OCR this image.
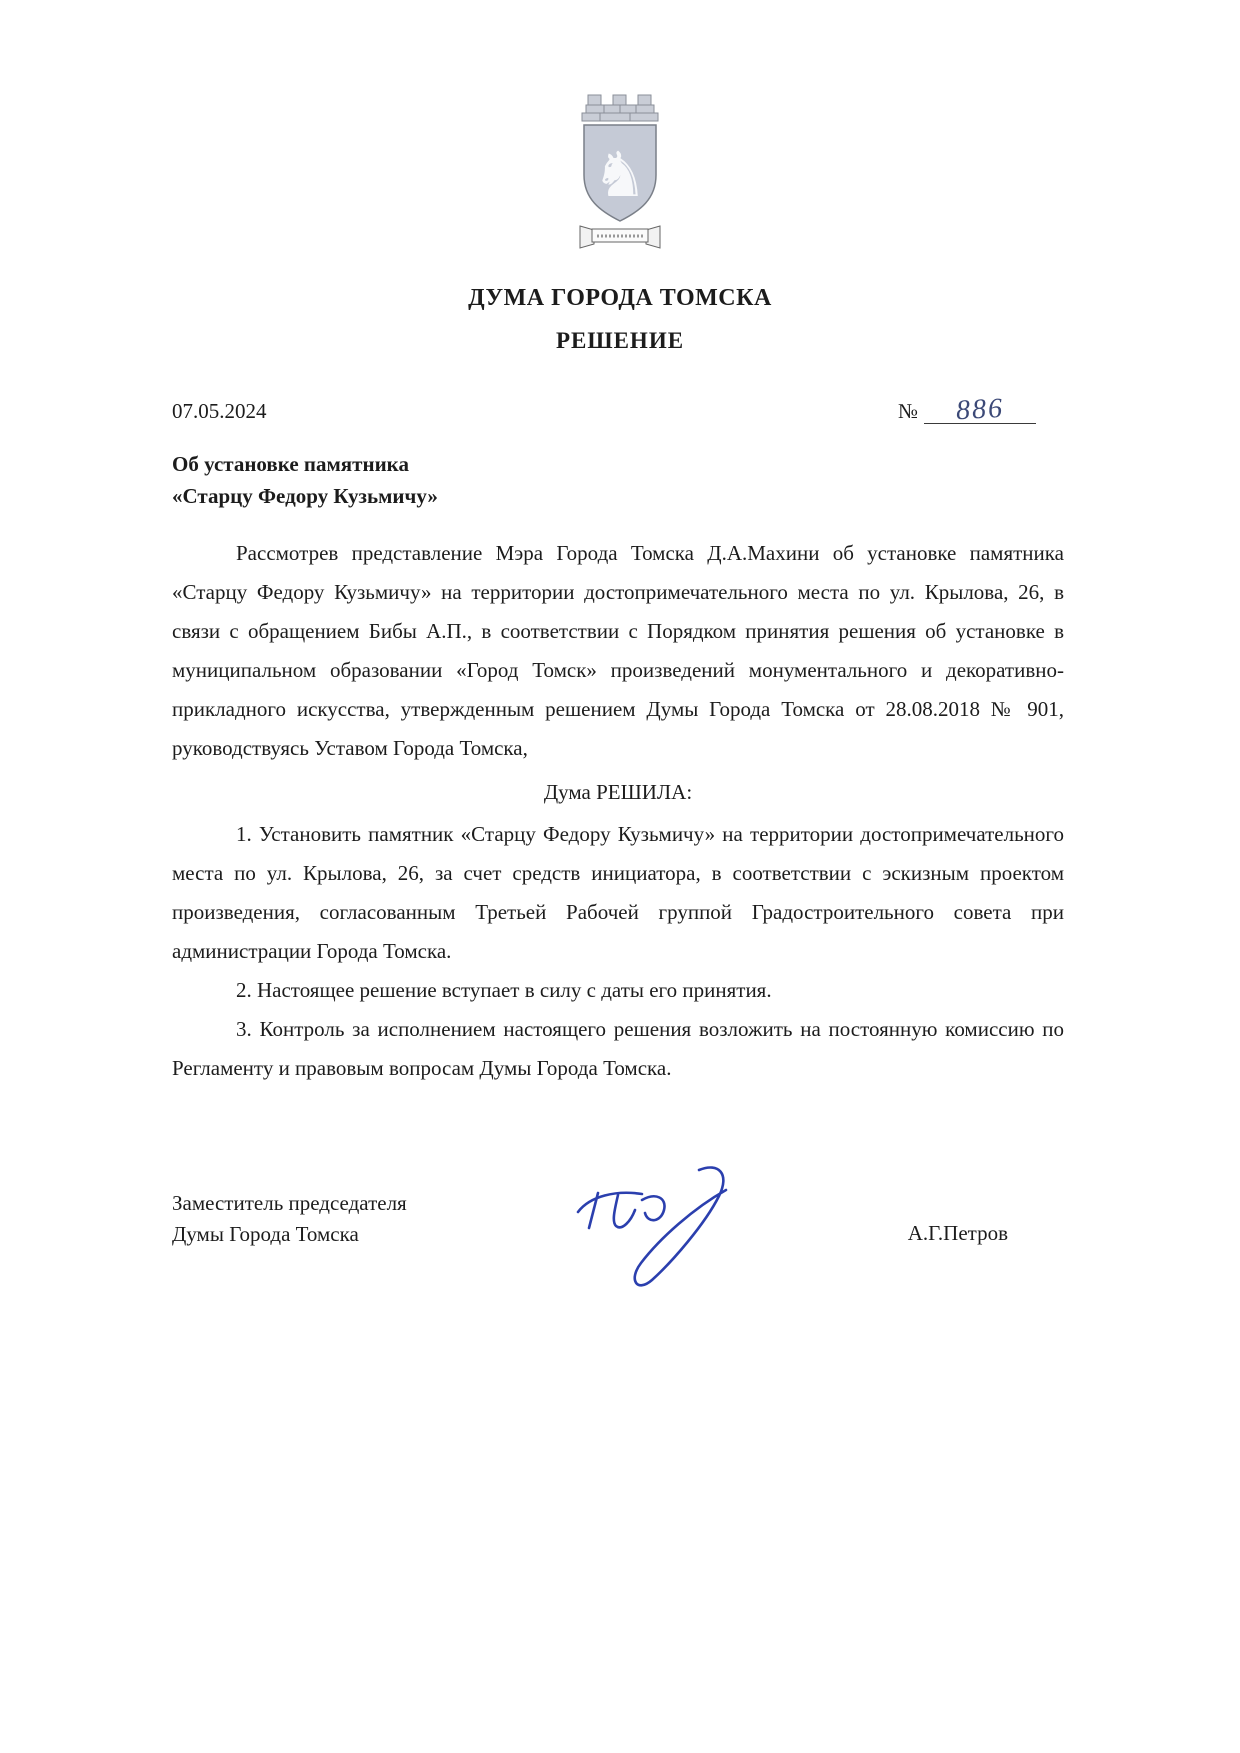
♞
ДУМА ГОРОДА ТОМСКА
РЕШЕНИЕ
07.05.2024	№	886
Об установке памятника
«Старцу Федору Кузьмичу»

Рассмотрев представление Мэра Города Томска Д.А.Махини об установке памятника «Старцу Федору Кузьмичу» на территории достопримечательного места по ул. Крылова, 26, в связи с обращением Бибы А.П., в соответствии с Порядком принятия решения об установке в муниципальном образовании «Город Томск» произведений монументального и декоративно-прикладного искусства, утвержденным решением Думы Города Томска от 28.08.2018 № 901, руководствуясь Уставом Города Томска,

Дума РЕШИЛА:

1. Установить памятник «Старцу Федору Кузьмичу» на территории достопримечательного места по ул. Крылова, 26, за счет средств инициатора, в соответствии с эскизным проектом произведения, согласованным Третьей Рабочей группой Градостроительного совета при администрации Города Томска.

2. Настоящее решение вступает в силу с даты его принятия.

3. Контроль за исполнением настоящего решения возложить на постоянную комиссию по Регламенту и правовым вопросам Думы Города Томска.

Заместитель председателя
Думы Города Томска	А.Г.Петров
